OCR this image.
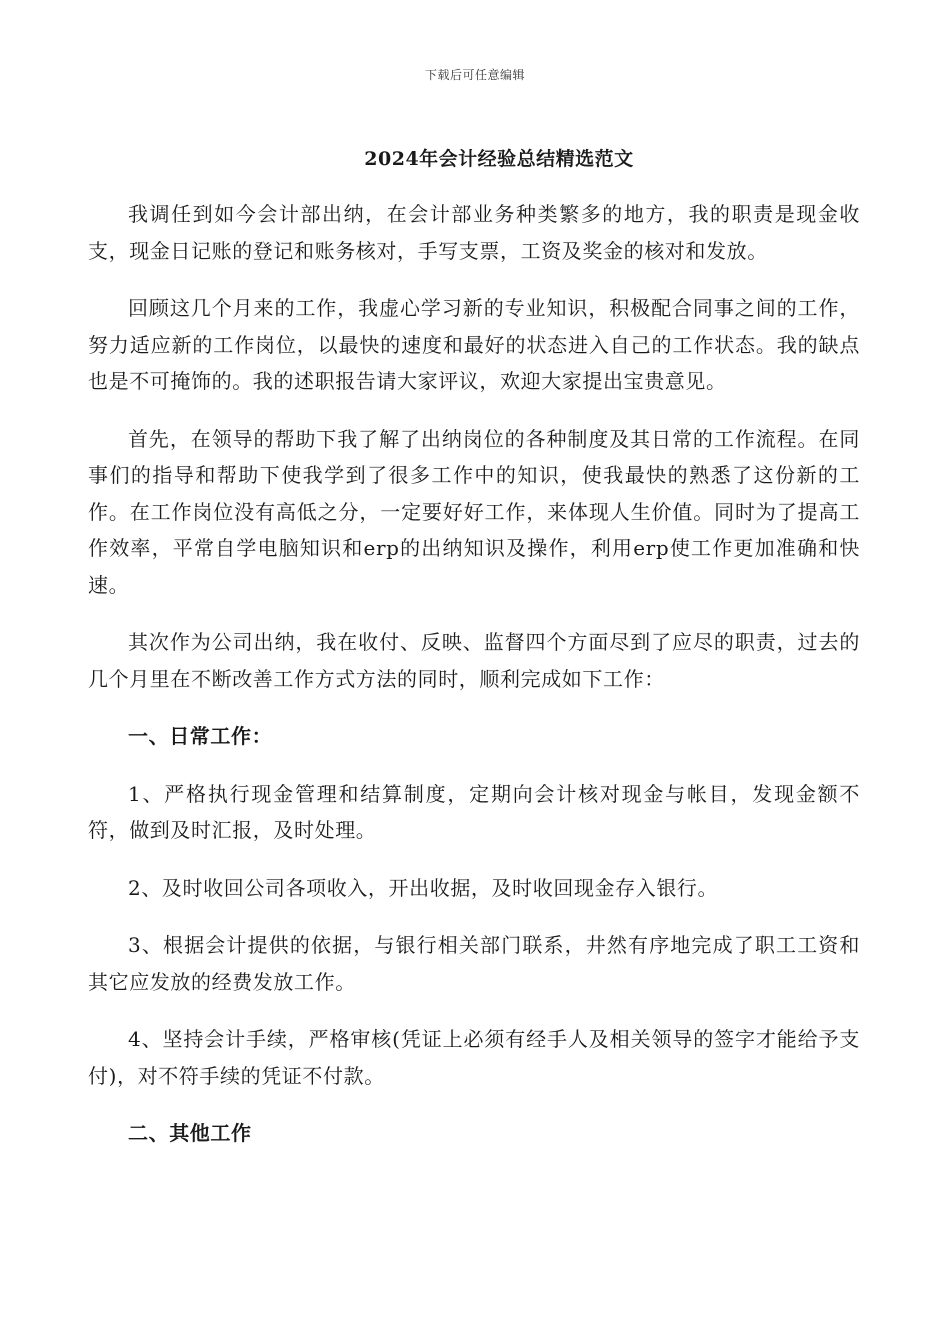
下载后可任意编辑
2024年会计经验总结精选范文

我调任到如今会计部出纳，在会计部业务种类繁多的地方，我的职责是现金收支，现金日记账的登记和账务核对，手写支票，工资及奖金的核对和发放。

回顾这几个月来的工作，我虚心学习新的专业知识，积极配合同事之间的工作，努力适应新的工作岗位，以最快的速度和最好的状态进入自己的工作状态。我的缺点也是不可掩饰的。我的述职报告请大家评议，欢迎大家提出宝贵意见。

首先，在领导的帮助下我了解了出纳岗位的各种制度及其日常的工作流程。在同事们的指导和帮助下使我学到了很多工作中的知识，使我最快的熟悉了这份新的工作。在工作岗位没有高低之分，一定要好好工作，来体现人生价值。同时为了提高工作效率，平常自学电脑知识和erp的出纳知识及操作，利用erp使工作更加准确和快速。

其次作为公司出纳，我在收付、反映、监督四个方面尽到了应尽的职责，过去的几个月里在不断改善工作方式方法的同时，顺利完成如下工作：

一、日常工作：

1、严格执行现金管理和结算制度，定期向会计核对现金与帐目，发现金额不符，做到及时汇报，及时处理。

2、及时收回公司各项收入，开出收据，及时收回现金存入银行。

3、根据会计提供的依据，与银行相关部门联系，井然有序地完成了职工工资和其它应发放的经费发放工作。

4、坚持会计手续，严格审核(凭证上必须有经手人及相关领导的签字才能给予支付)，对不符手续的凭证不付款。

二、其他工作
